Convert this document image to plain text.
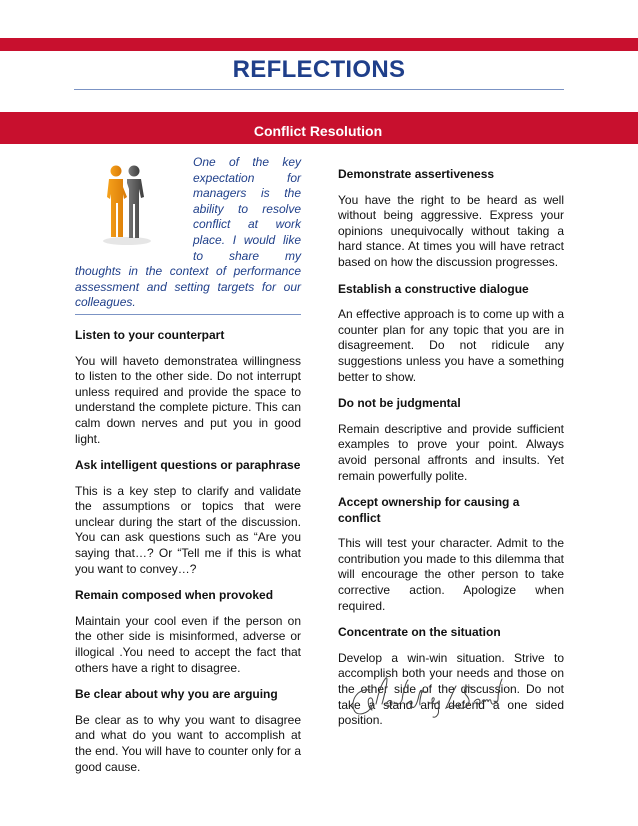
REFLECTIONS
Conflict Resolution

One of the key expectation for managers is the ability to resolve conflict at work place. I would like to share my thoughts in the context of performance assessment and setting targets for our colleagues.

Listen to your counterpart

You will haveto demonstratea willingness to listen to the other side. Do not interrupt unless required and provide the space to understand the complete picture. This can calm down nerves and put you in good light.

Ask intelligent questions or paraphrase

This is a key step to clarify and validate the assumptions or topics that were unclear during the start of the discussion. You can ask questions such as “Are you saying that…? Or “Tell me if this is what you want to convey…?

Remain composed when provoked

Maintain your cool even if the person on the other side is misinformed, adverse or illogical .You need to accept the fact that others have a right to disagree.

Be clear about why you are arguing

Be clear as to why you want to disagree and what do you want to accomplish at the end. You will have to counter only for a good cause.

Demonstrate assertiveness

You have the right to be heard as well without being aggressive. Express your opinions unequivocally without taking a hard stance. At times you will have retract based on how the discussion progresses.

Establish a constructive dialogue

An effective approach is to come up with a counter plan for any topic that you are in disagreement. Do not ridicule any suggestions unless you have a something better to show.

Do not be judgmental

Remain descriptive and provide sufficient examples to prove your point. Always avoid personal affronts and insults. Yet remain powerfully polite.

Accept ownership for causing a conflict

This will test your character. Admit to the contribution you made to this dilemma that will encourage the other person to take corrective action. Apologize when required.

Concentrate on the situation

Develop a win-win situation. Strive to accomplish both your needs and those on the other side of the discussion. Do not take a stand and defend a one sided position.
